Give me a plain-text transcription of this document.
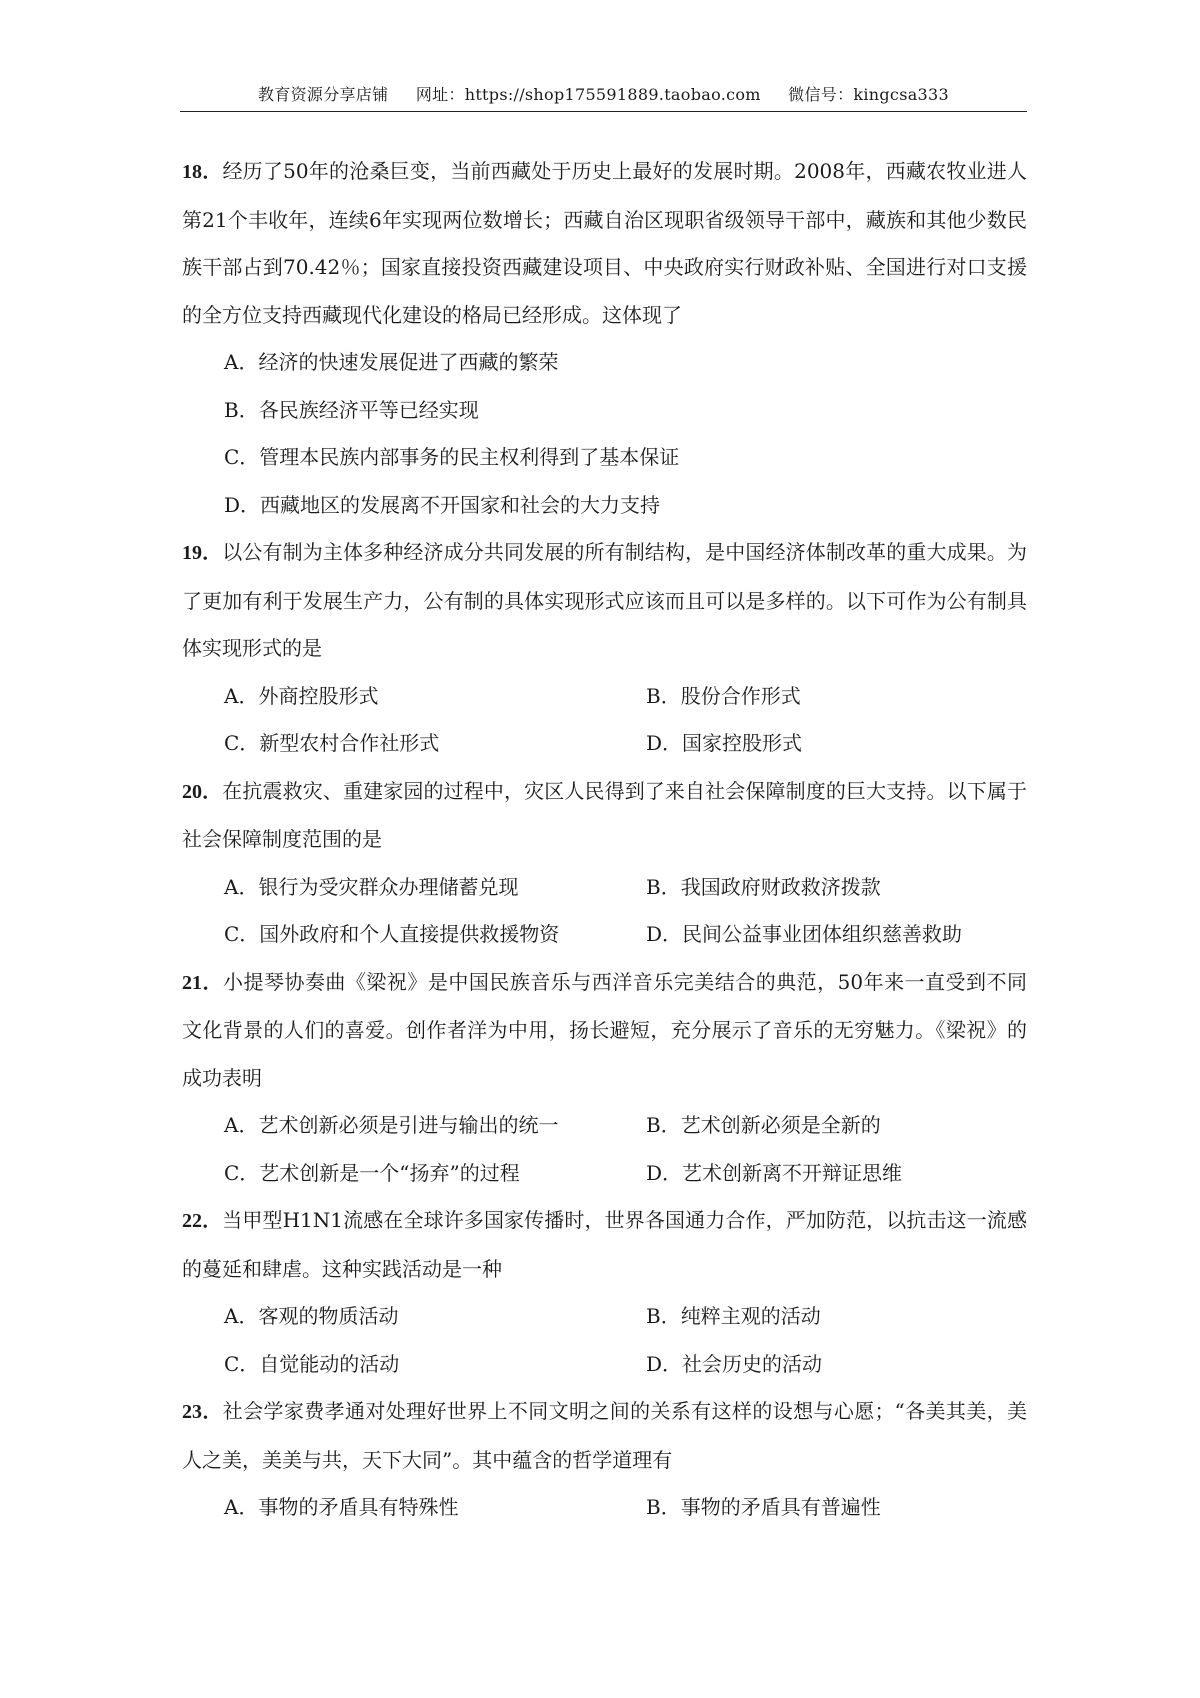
教育资源分享店铺 网址：https://shop175591889.taobao.com 微信号：kingcsa333
18．经历了50年的沧桑巨变，当前西藏处于历史上最好的发展时期。2008年，西藏农牧业进人第21个丰收年，连续6年实现两位数增长；西藏自治区现职省级领导干部中，藏族和其他少数民族干部占到70.42％；国家直接投资西藏建设项目、中央政府实行财政补贴、全国进行对口支援的全方位支持西藏现代化建设的格局已经形成。这体现了
A．经济的快速发展促进了西藏的繁荣
B．各民族经济平等已经实现
C．管理本民族内部事务的民主权利得到了基本保证
D．西藏地区的发展离不开国家和社会的大力支持
19．以公有制为主体多种经济成分共同发展的所有制结构，是中国经济体制改革的重大成果。为了更加有利于发展生产力，公有制的具体实现形式应该而且可以是多样的。以下可作为公有制具体实现形式的是
A．外商控股形式	B．股份合作形式
C．新型农村合作社形式	D．国家控股形式
20．在抗震救灾、重建家园的过程中，灾区人民得到了来自社会保障制度的巨大支持。以下属于社会保障制度范围的是
A．银行为受灾群众办理储蓄兑现	B．我国政府财政救济拨款
C．国外政府和个人直接提供救援物资	D．民间公益事业团体组织慈善救助
21．小提琴协奏曲《梁祝》是中国民族音乐与西洋音乐完美结合的典范，50年来一直受到不同文化背景的人们的喜爱。创作者洋为中用，扬长避短，充分展示了音乐的无穷魅力。《梁祝》的成功表明
A．艺术创新必须是引进与输出的统一	B．艺术创新必须是全新的
C．艺术创新是一个“扬弃”的过程	D．艺术创新离不开辩证思维
22．当甲型H1N1流感在全球许多国家传播时，世界各国通力合作，严加防范，以抗击这一流感的蔓延和肆虐。这种实践活动是一种
A．客观的物质活动	B．纯粹主观的活动
C．自觉能动的活动	D．社会历史的活动
23．社会学家费孝通对处理好世界上不同文明之间的关系有这样的设想与心愿；“各美其美，美人之美，美美与共，天下大同”。其中蕴含的哲学道理有
A．事物的矛盾具有特殊性	B．事物的矛盾具有普遍性
